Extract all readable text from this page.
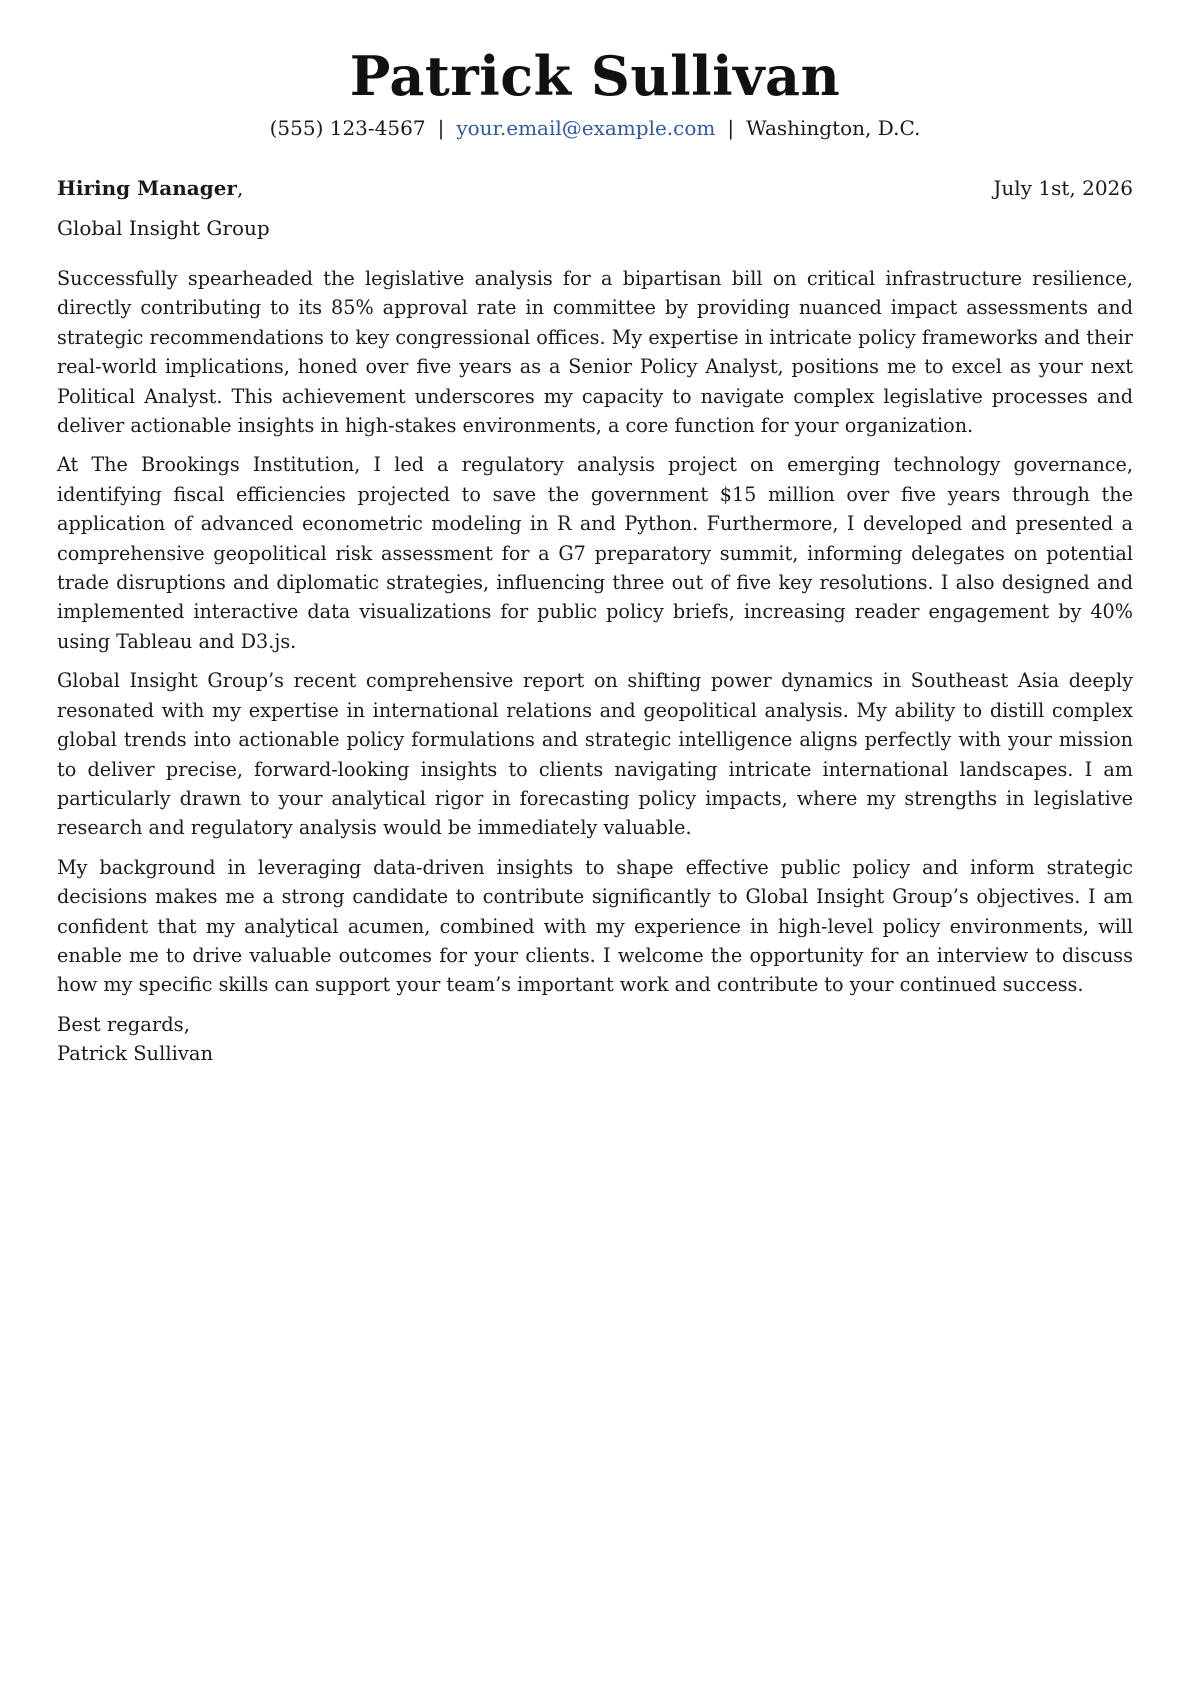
Patrick Sullivan
(555) 123-4567 | your.email@example.com | Washington, D.C.
Hiring Manager,	July 1st, 2026
Global Insight Group

Successfully spearheaded the legislative analysis for a bipartisan bill on critical infrastructure resilience, directly contributing to its 85% approval rate in committee by providing nuanced impact assessments and strategic recommendations to key congressional offices. My expertise in intricate policy frameworks and their real-world implications, honed over five years as a Senior Policy Analyst, positions me to excel as your next Political Analyst. This achievement underscores my capacity to navigate complex legislative processes and deliver actionable insights in high-stakes environments, a core function for your organization.

At The Brookings Institution, I led a regulatory analysis project on emerging technology governance, identifying fiscal efficiencies projected to save the government $15 million over five years through the application of advanced econometric modeling in R and Python. Furthermore, I developed and presented a comprehensive geopolitical risk assessment for a G7 preparatory summit, informing delegates on potential trade disruptions and diplomatic strategies, influencing three out of five key resolutions. I also designed and implemented interactive data visualizations for public policy briefs, increasing reader engagement by 40% using Tableau and D3.js.

Global Insight Group’s recent comprehensive report on shifting power dynamics in Southeast Asia deeply resonated with my expertise in international relations and geopolitical analysis. My ability to distill complex global trends into actionable policy formulations and strategic intelligence aligns perfectly with your mission to deliver precise, forward-looking insights to clients navigating intricate international landscapes. I am particularly drawn to your analytical rigor in forecasting policy impacts, where my strengths in legislative research and regulatory analysis would be immediately valuable.

My background in leveraging data-driven insights to shape effective public policy and inform strategic decisions makes me a strong candidate to contribute significantly to Global Insight Group’s objectives. I am confident that my analytical acumen, combined with my experience in high-level policy environments, will enable me to drive valuable outcomes for your clients. I welcome the opportunity for an interview to discuss how my specific skills can support your team’s important work and contribute to your continued success.

Best regards,
Patrick Sullivan
